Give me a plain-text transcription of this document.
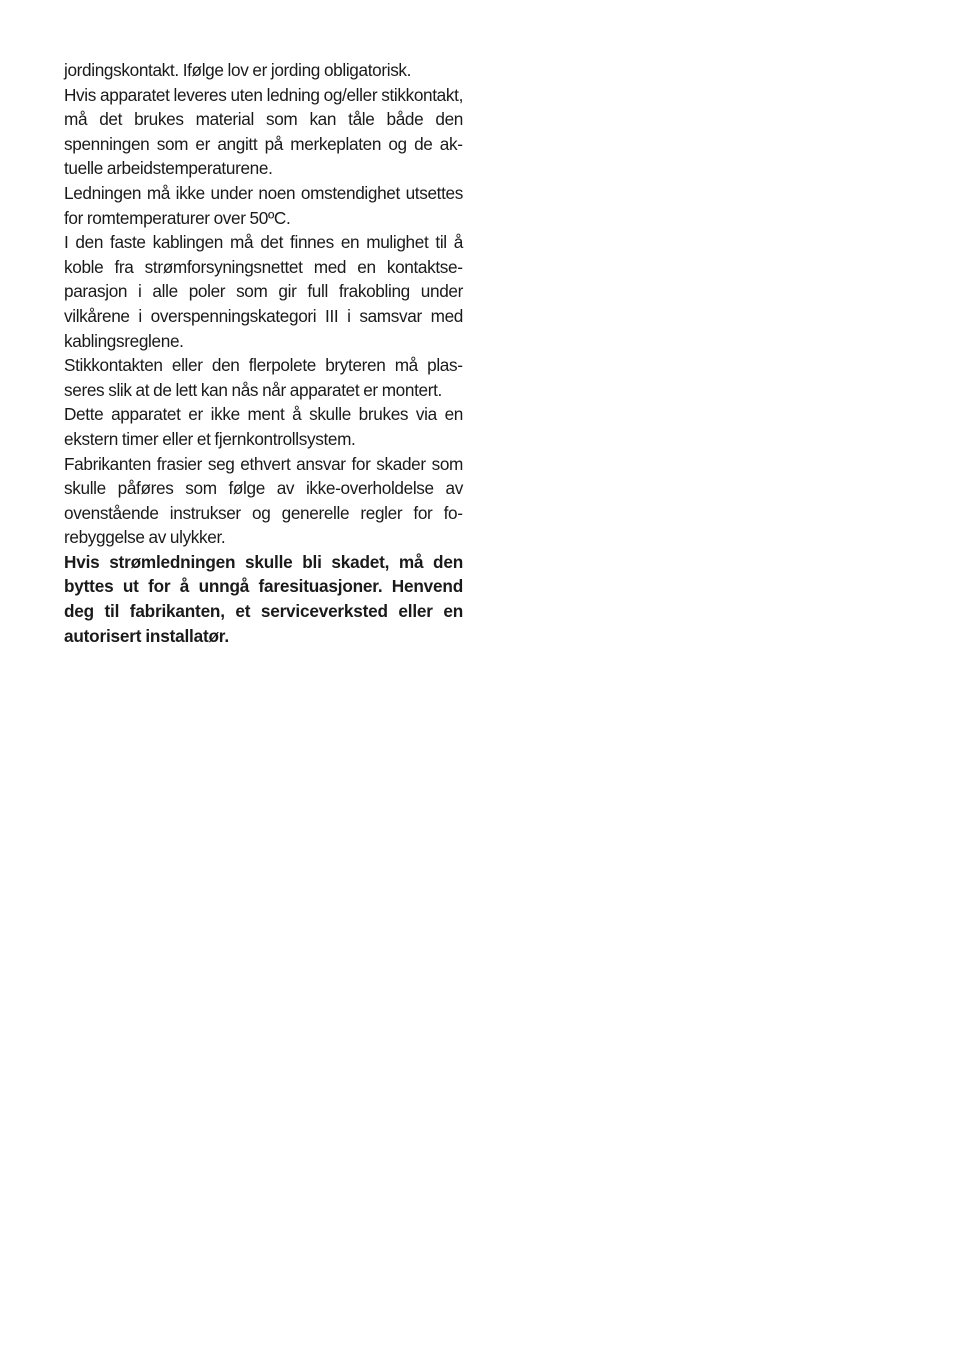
jordingskontakt. Ifølge lov er jording obligatorisk.

Hvis apparatet leveres uten ledning og/eller stikkontakt, må det brukes material som kan tåle både den spenningen som er angitt på merkeplaten og de aktuelle arbeidstemperaturene.

Ledningen må ikke under noen omstendighet utsettes for romtemperaturer over 50ºC.

I den faste kablingen må det finnes en mulighet til å koble fra strømforsyningsnettet med en kontaktseparasjon i alle poler som gir full frakobling under vilkårene i overspenningskategori III i samsvar med kablingsreglene.

Stikkontakten eller den flerpolete bryteren må plasseres slik at de lett kan nås når apparatet er montert.

Dette apparatet er ikke ment å skulle brukes via en ekstern timer eller et fjernkontrollsystem.

Fabrikanten frasier seg ethvert ansvar for skader som skulle påføres som følge av ikke-overholdelse av ovenstående instrukser og generelle regler for forebyggelse av ulykker.

Hvis strømledningen skulle bli skadet, må den byttes ut for å unngå faresituasjoner. Henvend deg til fabrikanten, et serviceverksted eller en autorisert installatør.
